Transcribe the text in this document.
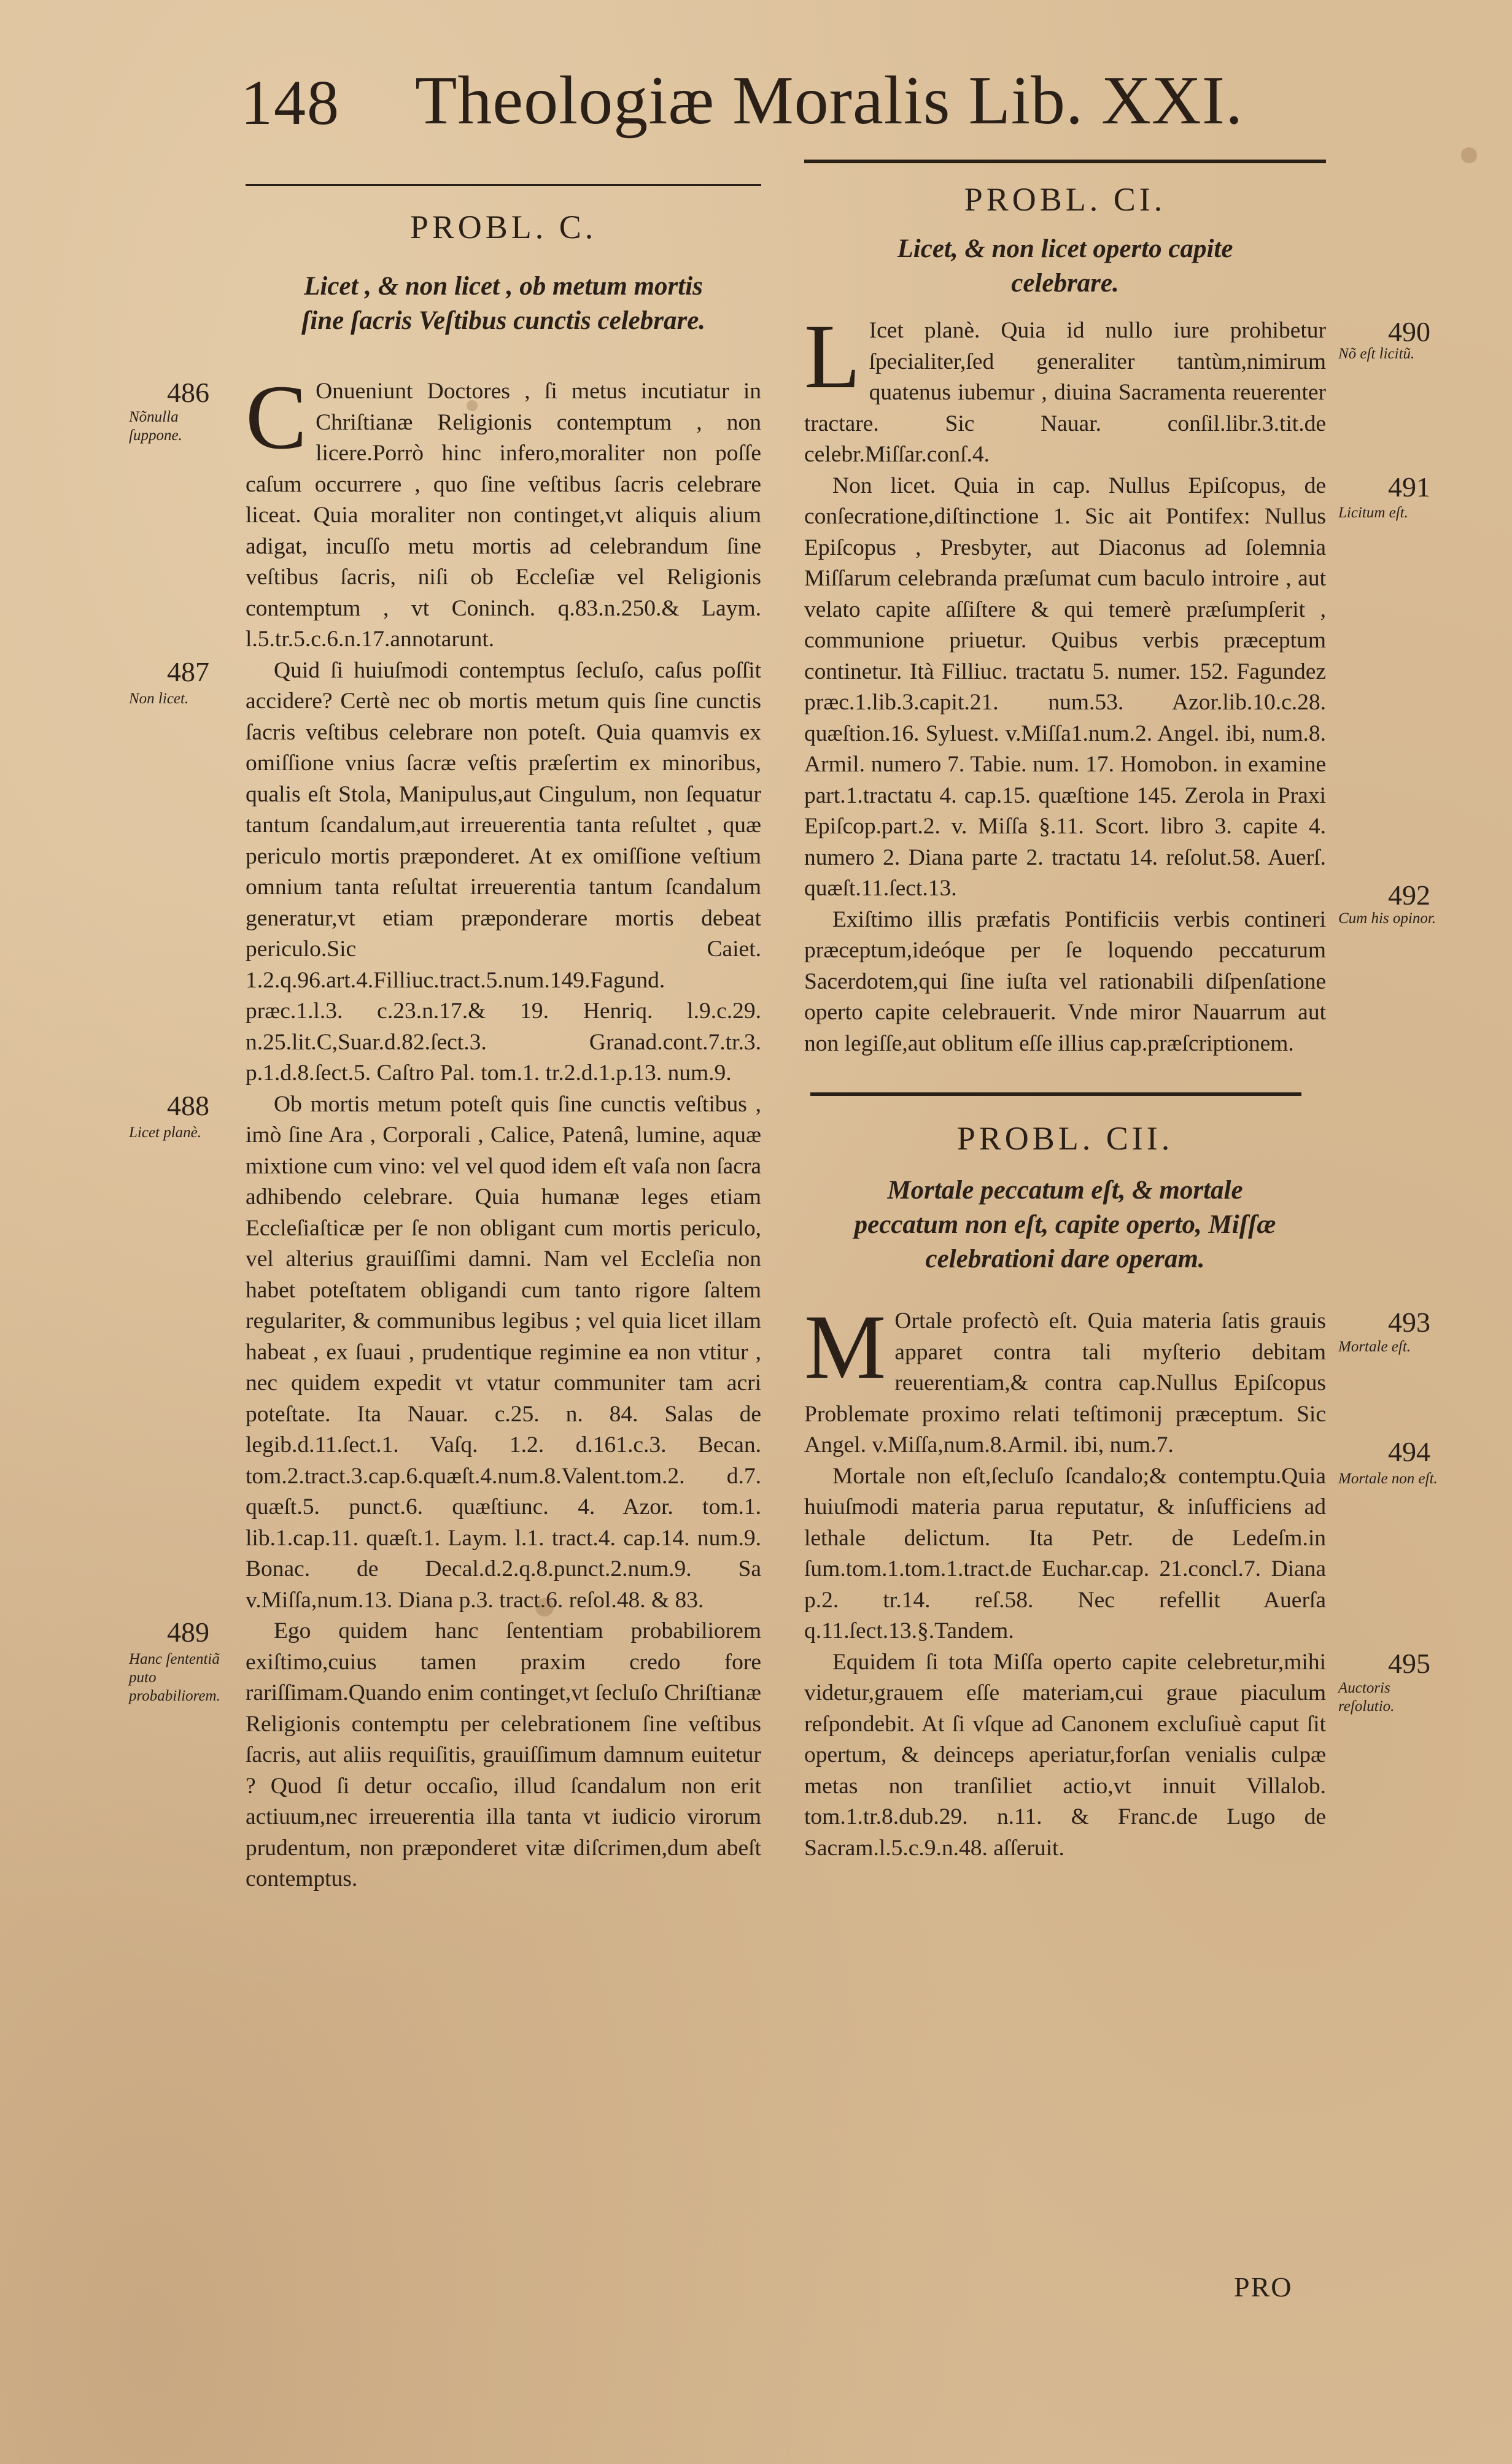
148 Theologiæ Moralis Lib. XXI.
PROBL. C.
Licet , & non licet , ob metum mortis ſine ſacris Veſtibus cunctis celebrare.
486
Nõnulla ſuppone. C Onueniunt Doctores , ſi metus incutiatur in Chriſtianæ Religionis contemptum , non licere.Porrò hinc infero,moraliter non poſſe caſum occurrere , quo ſine veſtibus ſacris celebrare liceat. Quia moraliter non continget,vt aliquis alium adigat, incuſſo metu mortis ad celebrandum ſine veſtibus ſacris, niſi ob Eccleſiæ vel Religionis contemptum , vt Coninch. q.83.n.250.& Laym. l.5.tr.5.c.6.n.17.annotarunt.
487
Non licet.
Quid ſi huiuſmodi contemptus ſecluſo, caſus poſſit accidere? Certè nec ob mortis metum quis ſine cunctis ſacris veſtibus celebrare non poteſt. Quia quamvis ex omiſſione vnius ſacræ veſtis præſertim ex minoribus, qualis eſt Stola, Manipulus,aut Cingulum, non ſequatur tantum ſcandalum,aut irreuerentia tanta reſultet , quæ periculo mortis præponderet. At ex omiſſione veſtium omnium tanta reſultat irreuerentia tantum ſcandalum generatur,vt etiam præponderare mortis debeat periculo.Sic Caiet. 1.2.q.96.art.4.Filliuc.tract.5.num.149.Fagund. præc.1.l.3. c.23.n.17.& 19. Henriq. l.9.c.29. n.25.lit.C,Suar.d.82.ſect.3. Granad.cont.7.tr.3. p.1.d.8.ſect.5. Caſtro Pal. tom.1. tr.2.d.1.p.13. num.9.
488
Licet planè.
Ob mortis metum poteſt quis ſine cunctis veſtibus , imò ſine Ara , Corporali , Calice, Patenâ, lumine, aquæ mixtione cum vino: vel vel quod idem eſt vaſa non ſacra adhibendo celebrare. Quia humanæ leges etiam Eccleſiaſticæ per ſe non obligant cum mortis periculo, vel alterius grauiſſimi damni. Nam vel Eccleſia non habet poteſtatem obligandi cum tanto rigore ſaltem regulariter, & communibus legibus ; vel quia licet illam habeat , ex ſuaui , prudentique regimine ea non vtitur , nec quidem expedit vt vtatur communiter tam acri poteſtate. Ita Nauar. c.25. n. 84. Salas de legib.d.11.ſect.1. Vaſq. 1.2. d.161.c.3. Becan. tom.2.tract.3.cap.6.quæſt.4.num.8.Valent.tom.2. d.7. quæſt.5. punct.6. quæſtiunc. 4. Azor. tom.1. lib.1.cap.11. quæſt.1. Laym. l.1. tract.4. cap.14. num.9. Bonac. de Decal.d.2.q.8.punct.2.num.9. Sa v.Miſſa,num.13. Diana p.3. tract.6. reſol.48. & 83.
489
Hanc ſententiã puto probabiliorem.
Ego quidem hanc ſententiam probabiliorem exiſtimo,cuius tamen praxim credo fore rariſſimam.Quando enim continget,vt ſecluſo Chriſtianæ Religionis contemptu per celebrationem ſine veſtibus ſacris, aut aliis requiſitis, grauiſſimum damnum euitetur ? Quod ſi detur occaſio, illud ſcandalum non erit actiuum,nec irreuerentia illa tanta vt iudicio virorum prudentum, non præponderet vitæ diſcrimen,dum abeſt contemptus.
PROBL. CI.
Licet, & non licet operto capite celebrare.
490
Nõ eſt licitũ.
L Icet planè. Quia id nullo iure prohibetur ſpecialiter,ſed generaliter tantùm,nimirum quatenus iubemur , diuina Sacramenta reuerenter tractare. Sic Nauar. conſil.libr.3.tit.de celebr.Miſſar.conſ.4.
491
Licitum eſt.
Non licet. Quia in cap. Nullus Epiſcopus, de conſecratione,diſtinctione 1. Sic ait Pontifex: Nullus Epiſcopus , Presbyter, aut Diaconus ad ſolemnia Miſſarum celebranda præſumat cum baculo introire , aut velato capite aſſiſtere & qui temerè præſumpſerit , communione priuetur. Quibus verbis præceptum continetur. Ità Filliuc. tractatu 5. numer. 152. Fagundez præc.1.lib.3.capit.21. num.53. Azor.lib.10.c.28. quæſtion.16. Syluest. v.Miſſa1.num.2. Angel. ibi, num.8. Armil. numero 7. Tabie. num. 17. Homobon. in examine part.1.tractatu 4. cap.15. quæſtione 145. Zerola in Praxi Epiſcop.part.2. v. Miſſa §.11. Scort. libro 3. capite 4. numero 2. Diana parte 2. tractatu 14. reſolut.58. Auerſ. quæſt.11.ſect.13.	492
Cum his opinor.
Exiſtimo illis præfatis Pontificiis verbis contineri præceptum,ideóque per ſe loquendo peccaturum Sacerdotem,qui ſine iuſta vel rationabili diſpenſatione operto capite celebrauerit. Vnde miror Nauarrum aut non legiſſe,aut oblitum eſſe illius cap.præſcriptionem.
PROBL. CII.
Mortale peccatum eſt, & mortale peccatum non eſt, capite operto, Miſſæ celebrationi dare operam.
493
Mortale eſt.
M Ortale profectò eſt. Quia materia ſatis grauis apparet contra tali myſterio debitam reuerentiam,& contra cap.Nullus Epiſcopus Problemate proximo relati teſtimonij præceptum. Sic Angel. v.Miſſa,num.8.Armil. ibi, num.7.	494
Mortale non eſt.
Mortale non eſt,ſecluſo ſcandalo;& contemptu.Quia huiuſmodi materia parua reputatur, & inſufficiens ad lethale delictum. Ita Petr. de Ledeſm.in ſum.tom.1.tom.1.tract.de Euchar.cap. 21.concl.7. Diana p.2. tr.14. reſ.58. Nec refellit Auerſa q.11.ſect.13.§.Tandem.
495
Auctoris reſolutio.
Equidem ſi tota Miſſa operto capite celebretur,mihi videtur,grauem eſſe materiam,cui graue piaculum reſpondebit. At ſi vſque ad Canonem excluſiuè caput ſit opertum, & deinceps aperiatur,forſan venialis culpæ metas non tranſiliet actio,vt innuit Villalob. tom.1.tr.8.dub.29. n.11. & Franc.de Lugo de Sacram.l.5.c.9.n.48. aſſeruit.
PRO
